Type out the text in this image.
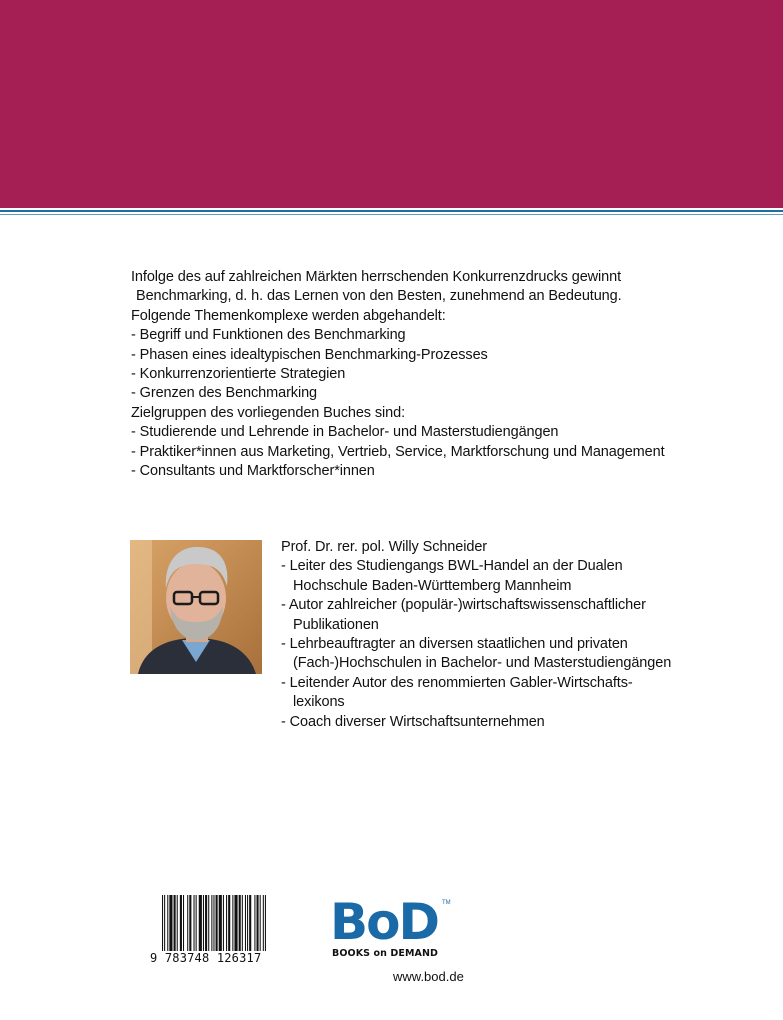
Infolge des auf zahlreichen Märkten herrschenden Konkurrenzdrucks gewinnt
Benchmarking, d. h. das Lernen von den Besten, zunehmend an Bedeutung.
Folgende Themenkomplexe werden abgehandelt:
- Begriff und Funktionen des Benchmarking
- Phasen eines idealtypischen Benchmarking-Prozesses
- Konkurrenzorientierte Strategien
- Grenzen des Benchmarking
Zielgruppen des vorliegenden Buches sind:
- Studierende und Lehrende in Bachelor- und Masterstudiengängen
- Praktiker*innen aus Marketing, Vertrieb, Service, Marktforschung und Management
- Consultants und Marktforscher*innen
Prof. Dr. rer. pol. Willy Schneider
- Leiter des Studiengangs BWL-Handel an der Dualen
Hochschule Baden-Württemberg Mannheim
- Autor zahlreicher (populär-)wirtschaftswissenschaftlicher
Publikationen
- Lehrbeauftragter an diversen staatlichen und privaten
(Fach-)Hochschulen in Bachelor- und Masterstudiengängen
- Leitender Autor des renommierten Gabler-Wirtschafts-
lexikons
- Coach diverser Wirtschaftsunternehmen
9 783748 126317
BoD TM
BOOKS on DEMAND
www.bod.de
